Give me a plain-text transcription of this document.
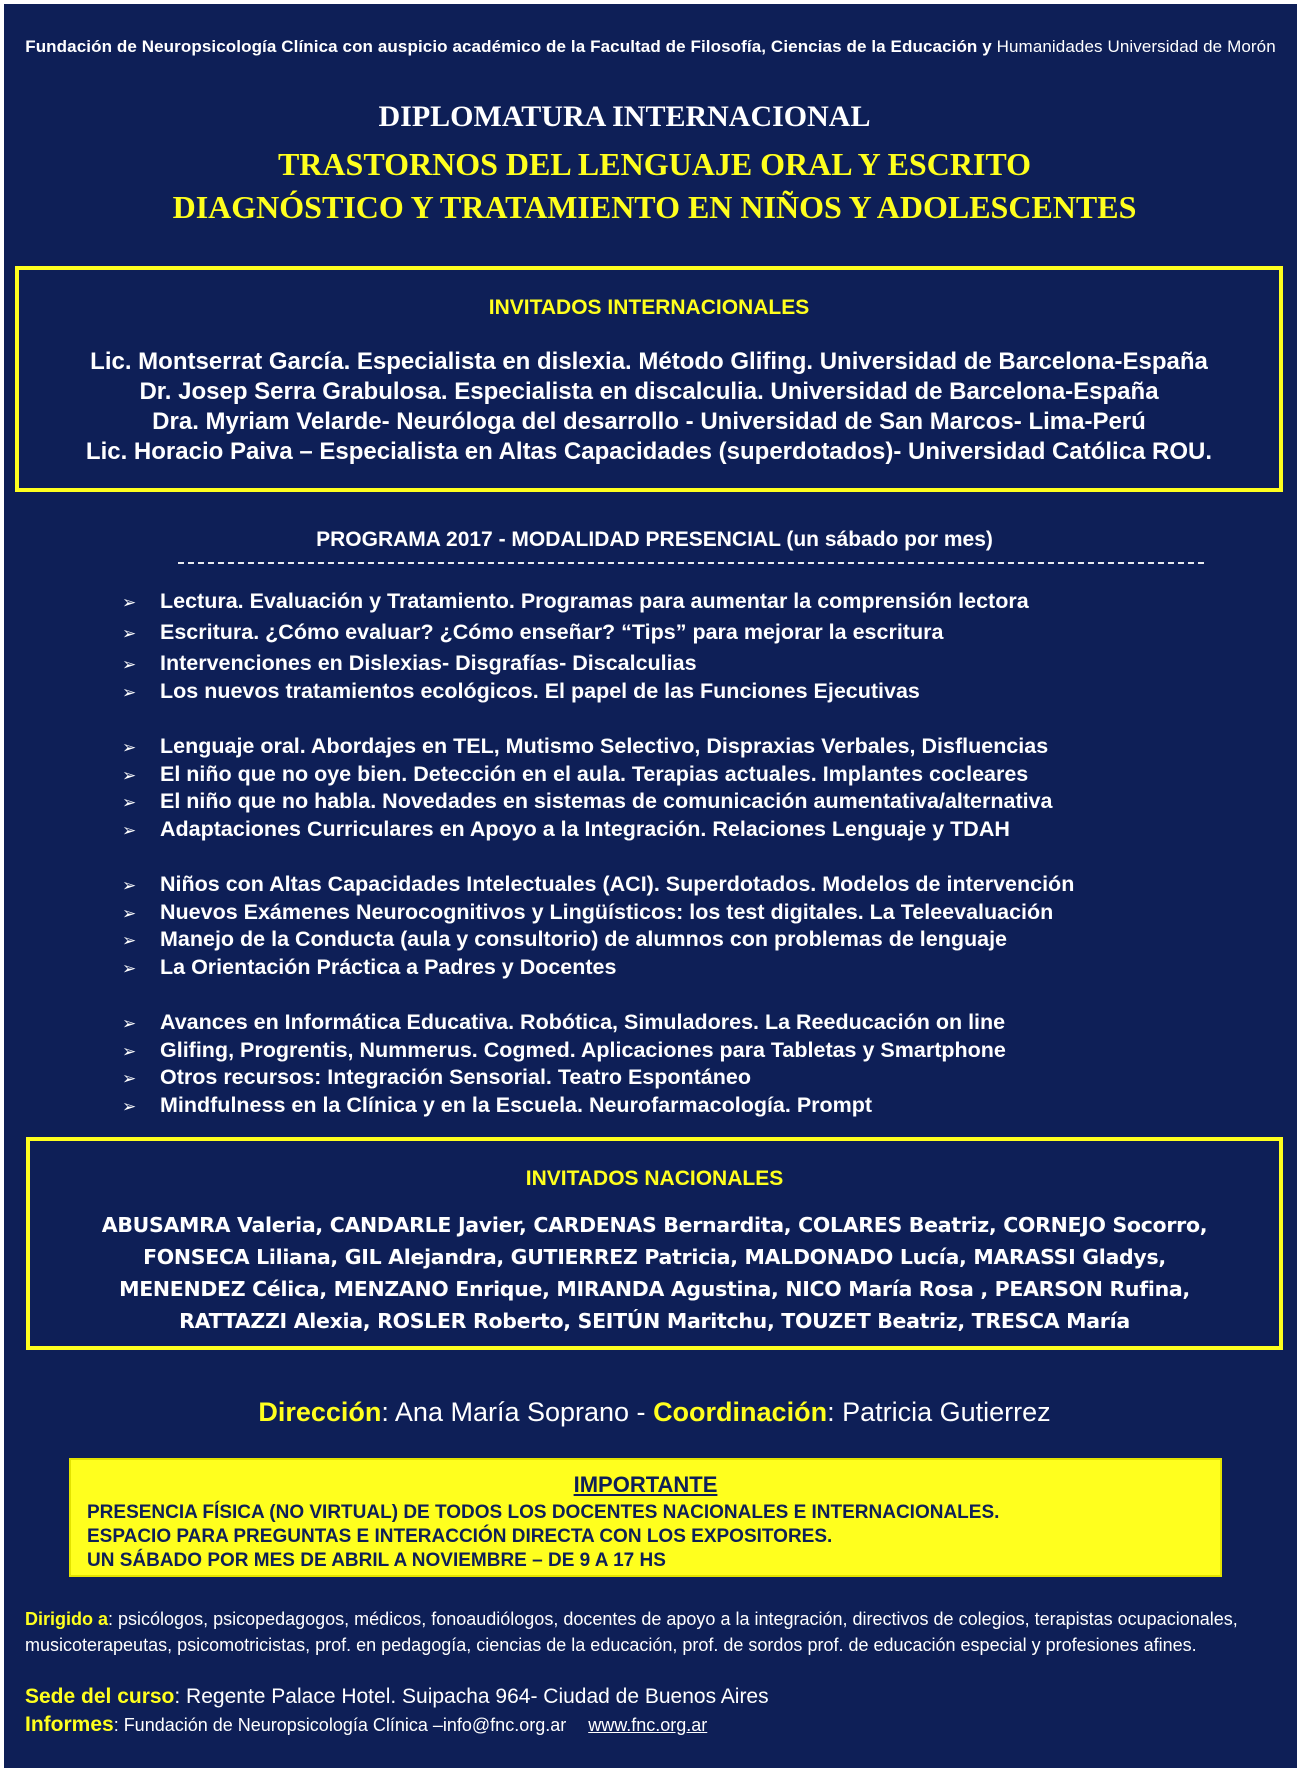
Fundación de Neuropsicología Clínica con auspicio académico de la Facultad de Filosofía, Ciencias de la Educación y Humanidades Universidad de Morón
DIPLOMATURA INTERNACIONAL
TRASTORNOS DEL LENGUAJE ORAL Y ESCRITO
DIAGNÓSTICO Y TRATAMIENTO EN NIÑOS Y ADOLESCENTES
INVITADOS INTERNACIONALES
Lic. Montserrat García. Especialista en dislexia. Método Glifing. Universidad de Barcelona-España
Dr. Josep Serra Grabulosa. Especialista en discalculia. Universidad de Barcelona-España
Dra. Myriam Velarde- Neuróloga del desarrollo - Universidad de San Marcos- Lima-Perú
Lic. Horacio Paiva – Especialista en Altas Capacidades (superdotados)- Universidad Católica ROU.
PROGRAMA 2017 - MODALIDAD PRESENCIAL (un sábado por mes)
➢ Lectura. Evaluación y Tratamiento. Programas para aumentar la comprensión lectora
➢ Escritura. ¿Cómo evaluar? ¿Cómo enseñar? “Tips” para mejorar la escritura
➢ Intervenciones en Dislexias- Disgrafías- Discalculias
➢ Los nuevos tratamientos ecológicos. El papel de las Funciones Ejecutivas
➢ Lenguaje oral. Abordajes en TEL, Mutismo Selectivo, Dispraxias Verbales, Disfluencias
➢ El niño que no oye bien. Detección en el aula. Terapias actuales. Implantes cocleares
➢ El niño que no habla. Novedades en sistemas de comunicación aumentativa/alternativa
➢ Adaptaciones Curriculares en Apoyo a la Integración. Relaciones Lenguaje y TDAH
➢ Niños con Altas Capacidades Intelectuales (ACI). Superdotados. Modelos de intervención
➢ Nuevos Exámenes Neurocognitivos y Lingüísticos: los test digitales. La Teleevaluación
➢ Manejo de la Conducta (aula y consultorio) de alumnos con problemas de lenguaje
➢ La Orientación Práctica a Padres y Docentes
➢ Avances en Informática Educativa. Robótica, Simuladores. La Reeducación on line
➢ Glifing, Progrentis, Nummerus. Cogmed. Aplicaciones para Tabletas y Smartphone
➢ Otros recursos: Integración Sensorial. Teatro Espontáneo
➢ Mindfulness en la Clínica y en la Escuela. Neurofarmacología. Prompt
INVITADOS NACIONALES
ABUSAMRA Valeria, CANDARLE Javier, CARDENAS Bernardita, COLARES Beatriz, CORNEJO Socorro,
FONSECA Liliana, GIL Alejandra, GUTIERREZ Patricia, MALDONADO Lucía, MARASSI Gladys,
MENENDEZ Célica, MENZANO Enrique, MIRANDA Agustina, NICO María Rosa , PEARSON Rufina,
RATTAZZI Alexia, ROSLER Roberto, SEITÚN Maritchu, TOUZET Beatriz, TRESCA María
Dirección: Ana María Soprano - Coordinación: Patricia Gutierrez
IMPORTANTE
PRESENCIA FÍSICA (NO VIRTUAL) DE TODOS LOS DOCENTES NACIONALES E INTERNACIONALES.
ESPACIO PARA PREGUNTAS E INTERACCIÓN DIRECTA CON LOS EXPOSITORES.
UN SÁBADO POR MES DE ABRIL A NOVIEMBRE – DE 9 A 17 HS
Dirigido a: psicólogos, psicopedagogos, médicos, fonoaudiólogos, docentes de apoyo a la integración, directivos de colegios, terapistas ocupacionales, musicoterapeutas, psicomotricistas, prof. en pedagogía, ciencias de la educación, prof. de sordos prof. de educación especial y profesiones afines.
Sede del curso: Regente Palace Hotel. Suipacha 964- Ciudad de Buenos Aires
Informes: Fundación de Neuropsicología Clínica –info@fnc.org.ar www.fnc.org.ar
